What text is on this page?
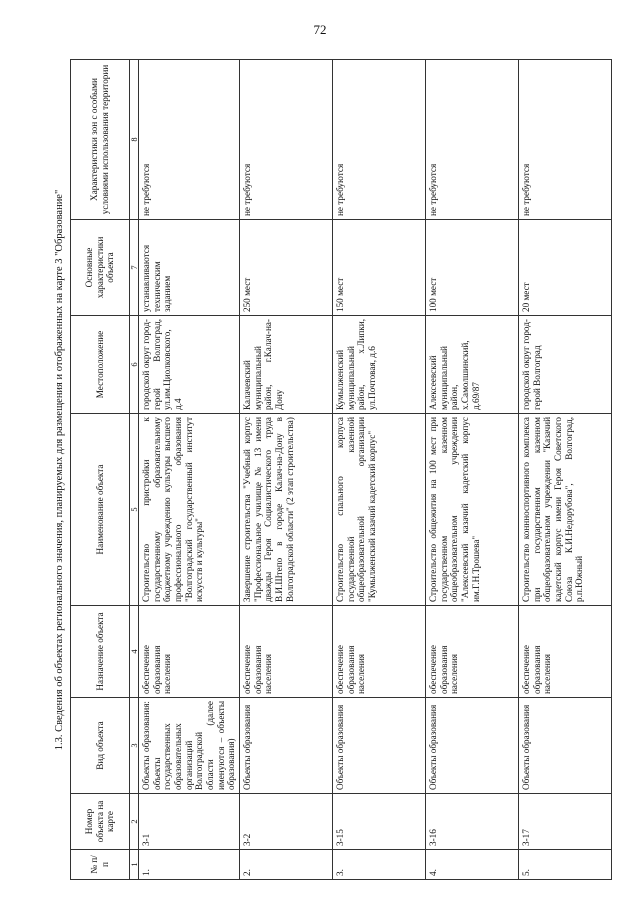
72
1.3. Сведения об объектах регионального значения, планируемых для размещения и отображенных на карте 3 "Образование"
№ п/п	Номер объекта на карте	Вид объекта	Назначение объекта	Наименование объекта	Местоположение	Основные характеристики объекта	Характеристики зон с особыми условиями использования территории
1	2	3	4	5	6	7	8
1.	3-1	Объекты образования: объекты государственных образовательных организаций Волгоградской области (далее именуются – объекты образования)	обеспечение образования населения	Строительство пристройки к государственному образовательному бюджетному учреждению культуры высшего профессионального образования "Волгоградский государственный институт искусств и культуры"	городской округ город-герой Волгоград, ул.им.Циолковского, д.4	устанавливаются техническим заданием	не требуются
2.	3-2	Объекты образования	обеспечение образования населения	Завершение строительства "Учебный корпус "Профессиональное училище № 13 имени дважды Героя Социалистического труда В.И.Штепо в городе Калач-на-Дону в Волгоградской области" (2 этап строительства)	Калачевский муниципальный район, г.Калач-на-Дону	250 мест	не требуются
3.	3-15	Объекты образования	обеспечение образования населения	Строительство спального корпуса государственной казенной общеобразовательной организации "Кумылженский казачий кадетский корпус"	Кумылженский муниципальный район, х.Липки, ул.Почтовая, д.6	150 мест	не требуются
4.	3-16	Объекты образования	обеспечение образования населения	Строительство общежития на 100 мест при государственном казенном общеобразовательном учреждении "Алексеевский казачий кадетский корпус им.Г.Н.Трошева"	Алексеевский муниципальный район, х.Самолшинский, д.69/87	100 мест	не требуются
5.	3-17	Объекты образования	обеспечение образования населения	Строительство коннноспортивного комплекса при государственном казенном общеобразовательном учреждении "Казачий кадетский корпус имени Героя Советского Союза К.И.Недорубова", Волгоград, р.п.Южный	городской округ город-герой Волгоград	20 мест	не требуются
